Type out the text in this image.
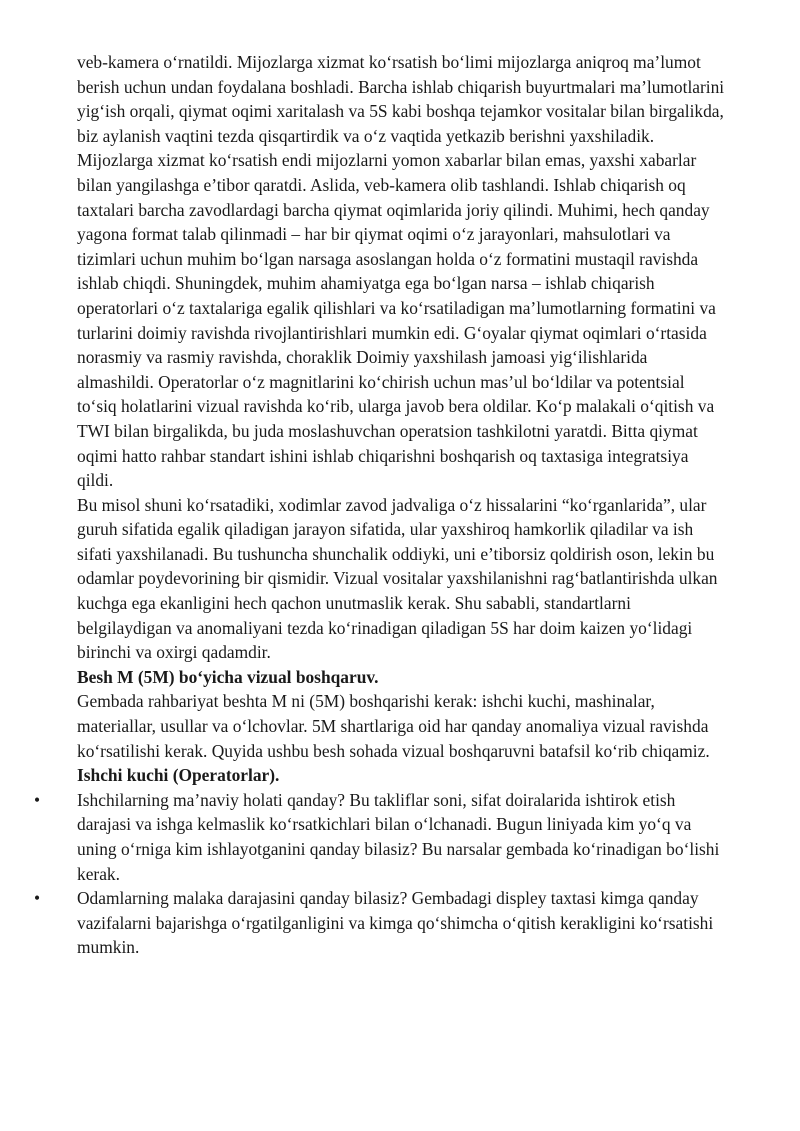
veb-kamera o‘rnatildi. Mijozlarga xizmat ko‘rsatish bo‘limi mijozlarga aniqroq ma’lumot berish uchun undan foydalana boshladi. Barcha ishlab chiqarish buyurtmalari ma’lumotlarini yig‘ish orqali, qiymat oqimi xaritalash va 5S kabi boshqa tejamkor vositalar bilan birgalikda, biz aylanish vaqtini tezda qisqartirdik va o‘z vaqtida yetkazib berishni yaxshiladik. Mijozlarga xizmat ko‘rsatish endi mijozlarni yomon xabarlar bilan emas, yaxshi xabarlar bilan yangilashga e’tibor qaratdi. Aslida, veb-kamera olib tashlandi. Ishlab chiqarish oq taxtalari barcha zavodlardagi barcha qiymat oqimlarida joriy qilindi. Muhimi, hech qanday yagona format talab qilinmadi – har bir qiymat oqimi o‘z jarayonlari, mahsulotlari va tizimlari uchun muhim bo‘lgan narsaga asoslangan holda o‘z formatini mustaqil ravishda ishlab chiqdi. Shuningdek, muhim ahamiyatga ega bo‘lgan narsa – ishlab chiqarish operatorlari o‘z taxtalariga egalik qilishlari va ko‘rsatiladigan ma’lumotlarning formatini va turlarini doimiy ravishda rivojlantirishlari mumkin edi. G‘oyalar qiymat oqimlari o‘rtasida norasmiy va rasmiy ravishda, choraklik Doimiy yaxshilash jamoasi yig‘ilishlarida almashildi. Operatorlar o‘z magnitlarini ko‘chirish uchun mas’ul bo‘ldilar va potentsial to‘siq holatlarini vizual ravishda ko‘rib, ularga javob bera oldilar. Ko‘p malakali o‘qitish va TWI bilan birgalikda, bu juda moslashuvchan operatsion tashkilotni yaratdi. Bitta qiymat oqimi hatto rahbar standart ishini ishlab chiqarishni boshqarish oq taxtasiga integratsiya qildi.

Bu misol shuni ko‘rsatadiki, xodimlar zavod jadvaliga o‘z hissalarini “ko‘rganlarida”, ular guruh sifatida egalik qiladigan jarayon sifatida, ular yaxshiroq hamkorlik qiladilar va ish sifati yaxshilanadi. Bu tushuncha shunchalik oddiyki, uni e’tiborsiz qoldirish oson, lekin bu odamlar poydevorining bir qismidir. Vizual vositalar yaxshilanishni rag‘batlantirishda ulkan kuchga ega ekanligini hech qachon unutmaslik kerak. Shu sababli, standartlarni belgilaydigan va anomaliyani tezda ko‘rinadigan qiladigan 5S har doim kaizen yo‘lidagi birinchi va oxirgi qadamdir.

Besh M (5M) bo‘yicha vizual boshqaruv.

Gembada rahbariyat beshta M ni (5M) boshqarishi kerak: ishchi kuchi, mashinalar, materiallar, usullar va o‘lchovlar. 5M shartlariga oid har qanday anomaliya vizual ravishda ko‘rsatilishi kerak. Quyida ushbu besh sohada vizual boshqaruvni batafsil ko‘rib chiqamiz.

Ishchi kuchi (Operatorlar).

• Ishchilarning ma’naviy holati qanday? Bu takliflar soni, sifat doiralarida ishtirok etish darajasi va ishga kelmaslik ko‘rsatkichlari bilan o‘lchanadi. Bugun liniyada kim yo‘q va uning o‘rniga kim ishlayotganini qanday bilasiz? Bu narsalar gembada ko‘rinadigan bo‘lishi kerak.
• Odamlarning malaka darajasini qanday bilasiz? Gembadagi displey taxtasi kimga qanday vazifalarni bajarishga o‘rgatilganligini va kimga qo‘shimcha o‘qitish kerakligini ko‘rsatishi mumkin.
